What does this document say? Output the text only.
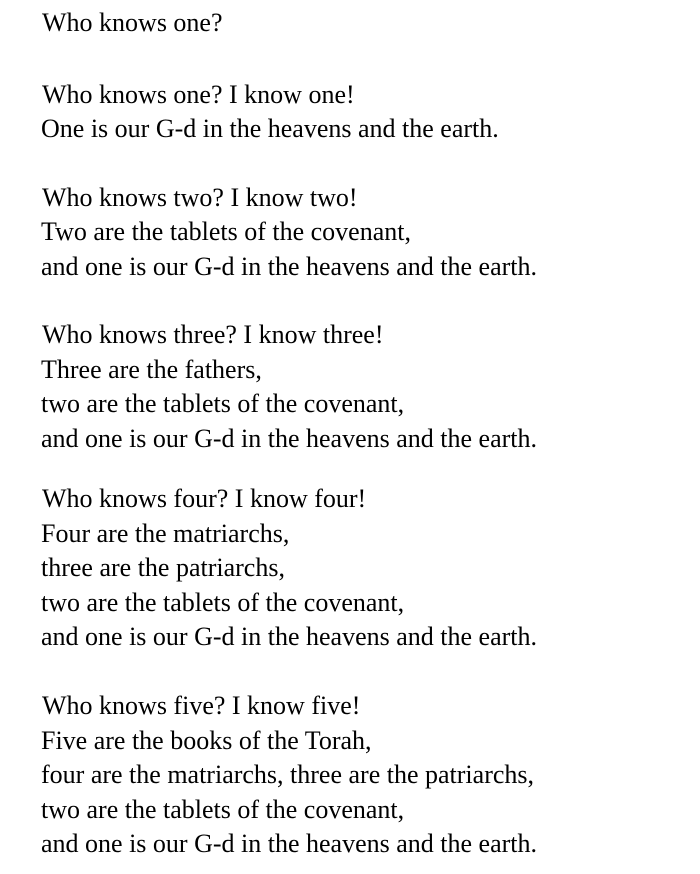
Who knows one?
Who knows one? I know one!
One is our G-d in the heavens and the earth.
Who knows two? I know two!
Two are the tablets of the covenant,
and one is our G-d in the heavens and the earth.
Who knows three? I know three!
Three are the fathers,
two are the tablets of the covenant,
and one is our G-d in the heavens and the earth.
Who knows four? I know four!
Four are the matriarchs,
three are the patriarchs,
two are the tablets of the covenant,
and one is our G-d in the heavens and the earth.
Who knows five? I know five!
Five are the books of the Torah,
four are the matriarchs, three are the patriarchs,
two are the tablets of the covenant,
and one is our G-d in the heavens and the earth.
